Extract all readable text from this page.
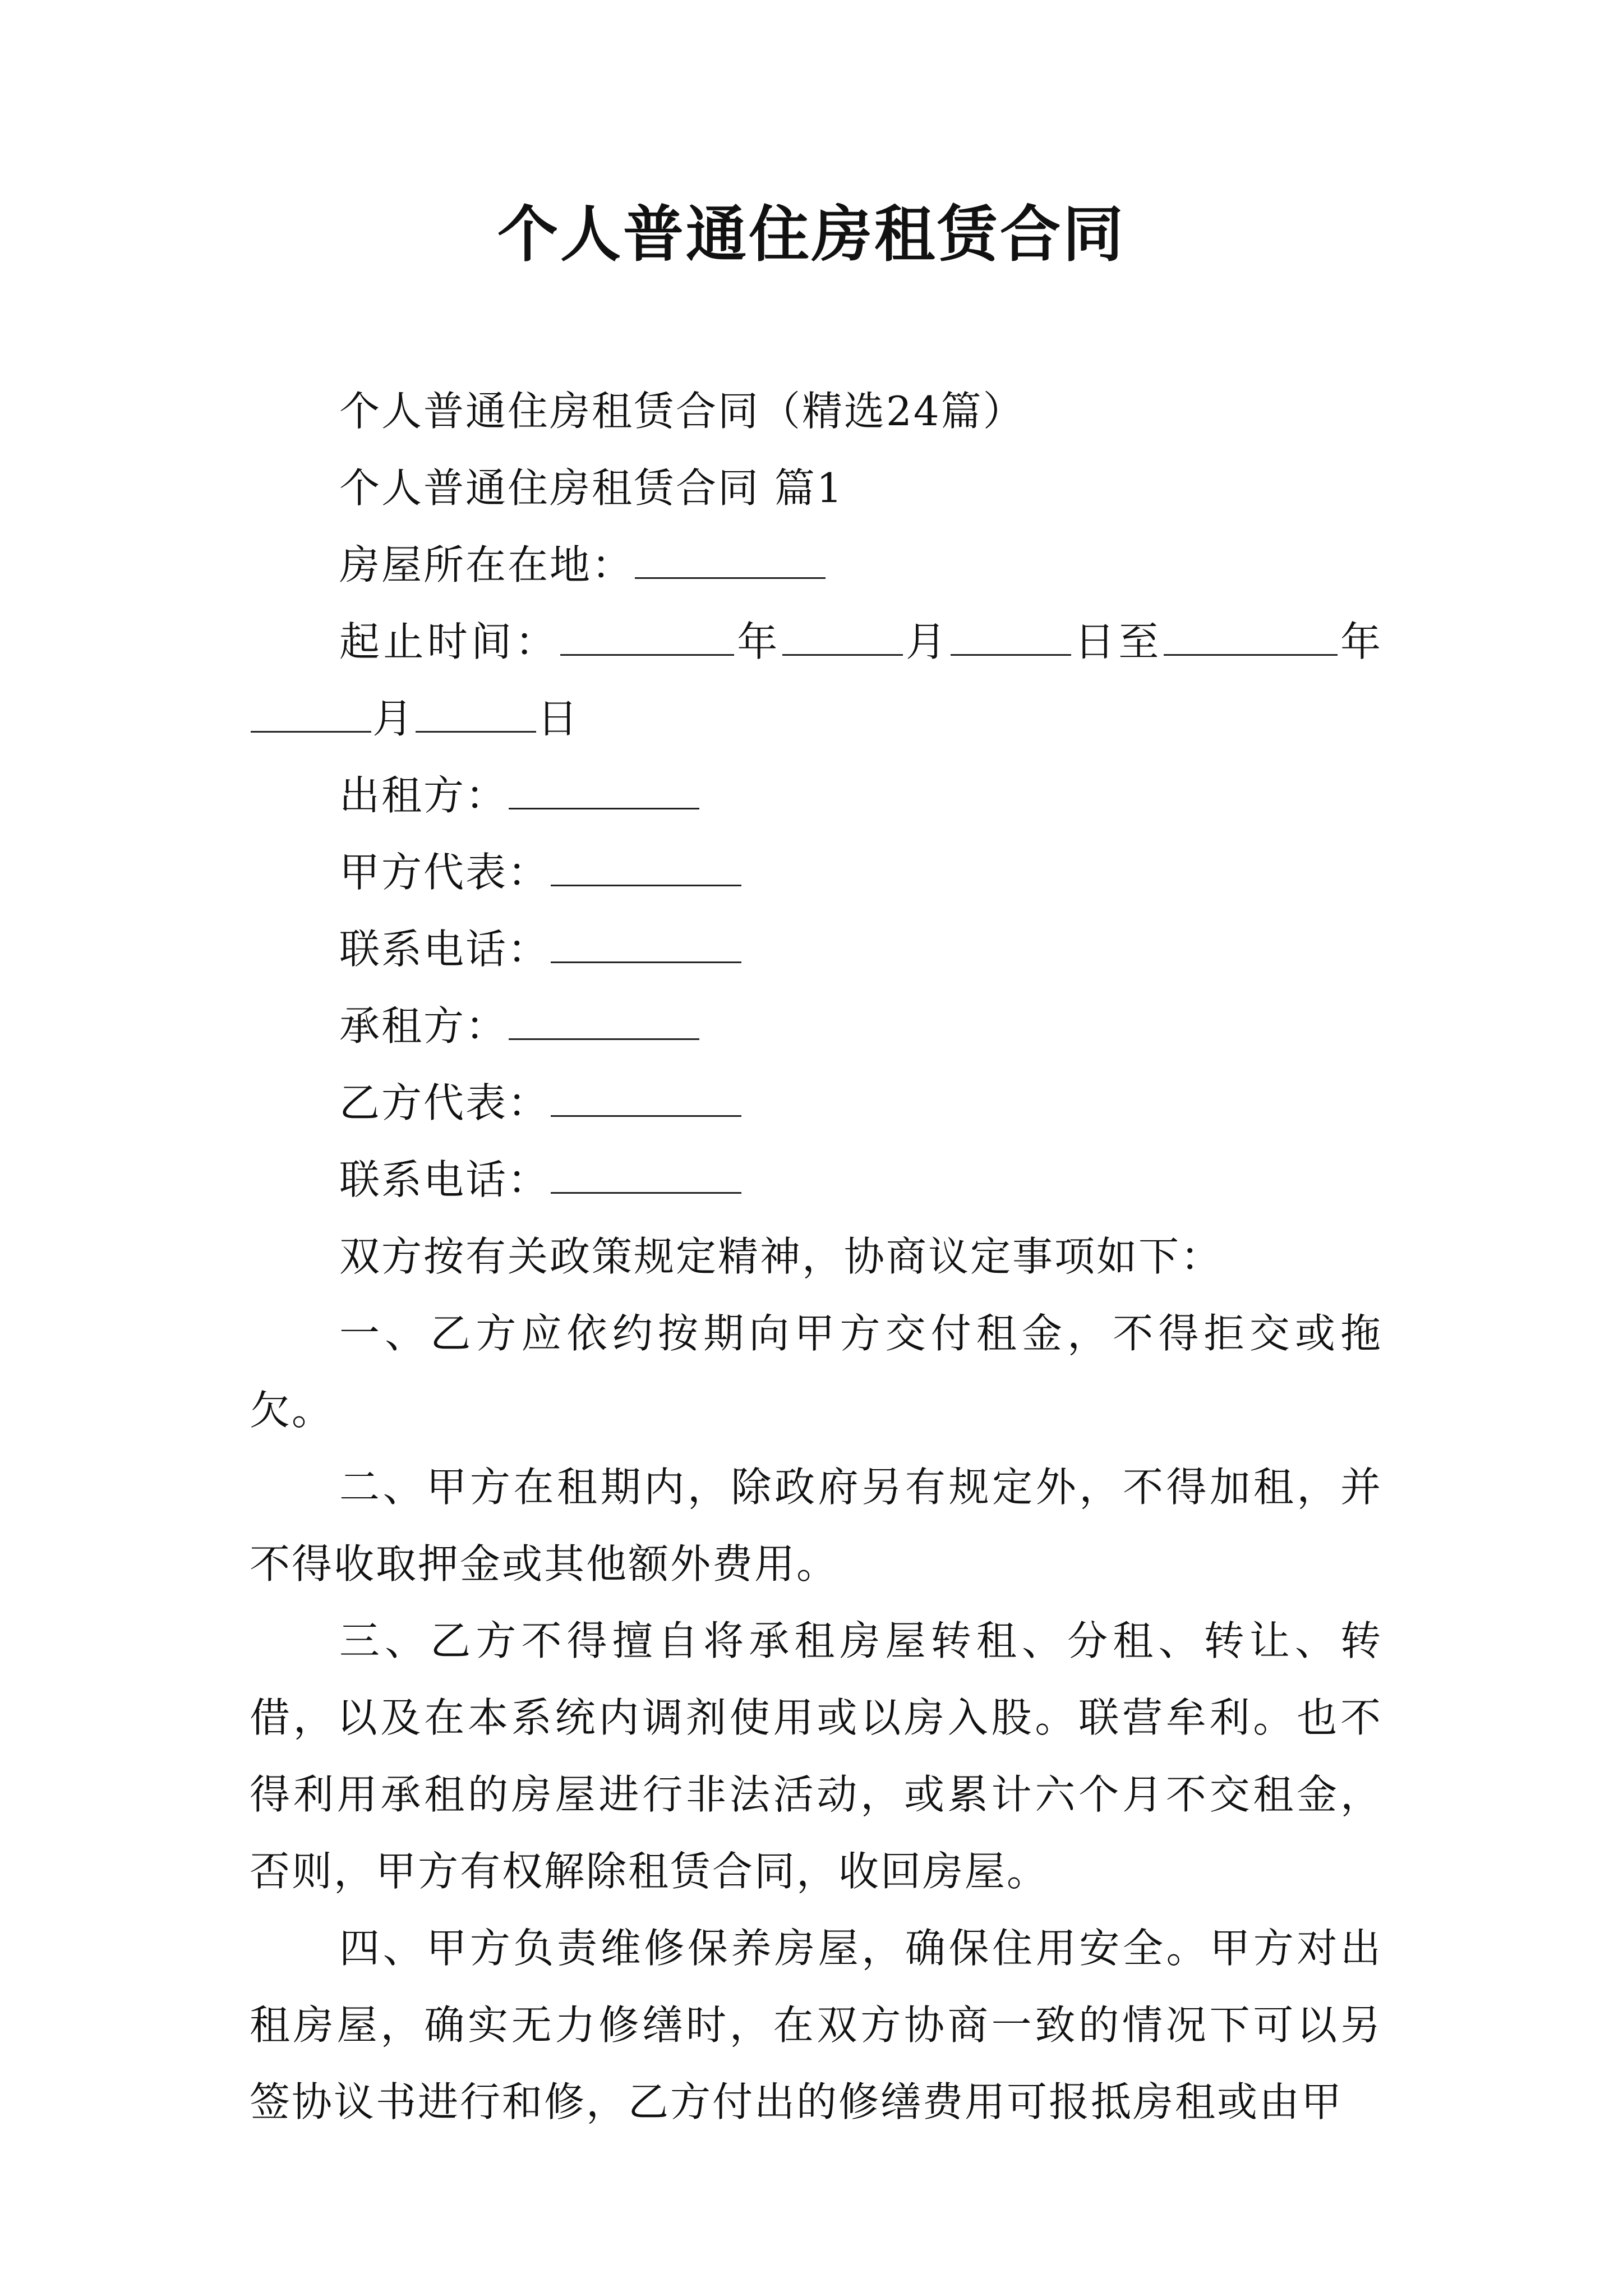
个人普通住房租赁合同

个人普通住房租赁合同（精选24篇）

个人普通住房租赁合同 篇1

房屋所在在地：

起止时间：	年	月	日至	年月	日

出租方：

甲方代表：

联系电话：

承租方：

乙方代表：

联系电话：

双方按有关政策规定精神，协商议定事项如下：

一、乙方应依约按期向甲方交付租金，不得拒交或拖欠。

二、甲方在租期内，除政府另有规定外，不得加租，并不得收取押金或其他额外费用。

三、乙方不得擅自将承租房屋转租、分租、转让、转借，以及在本系统内调剂使用或以房入股。联营牟利。也不得利用承租的房屋进行非法活动，或累计六个月不交租金，否则，甲方有权解除租赁合同，收回房屋。

四、甲方负责维修保养房屋，确保住用安全。甲方对出租房屋，确实无力修缮时，在双方协商一致的情况下可以另签协议书进行和修，乙方付出的修缮费用可报抵房租或由甲
